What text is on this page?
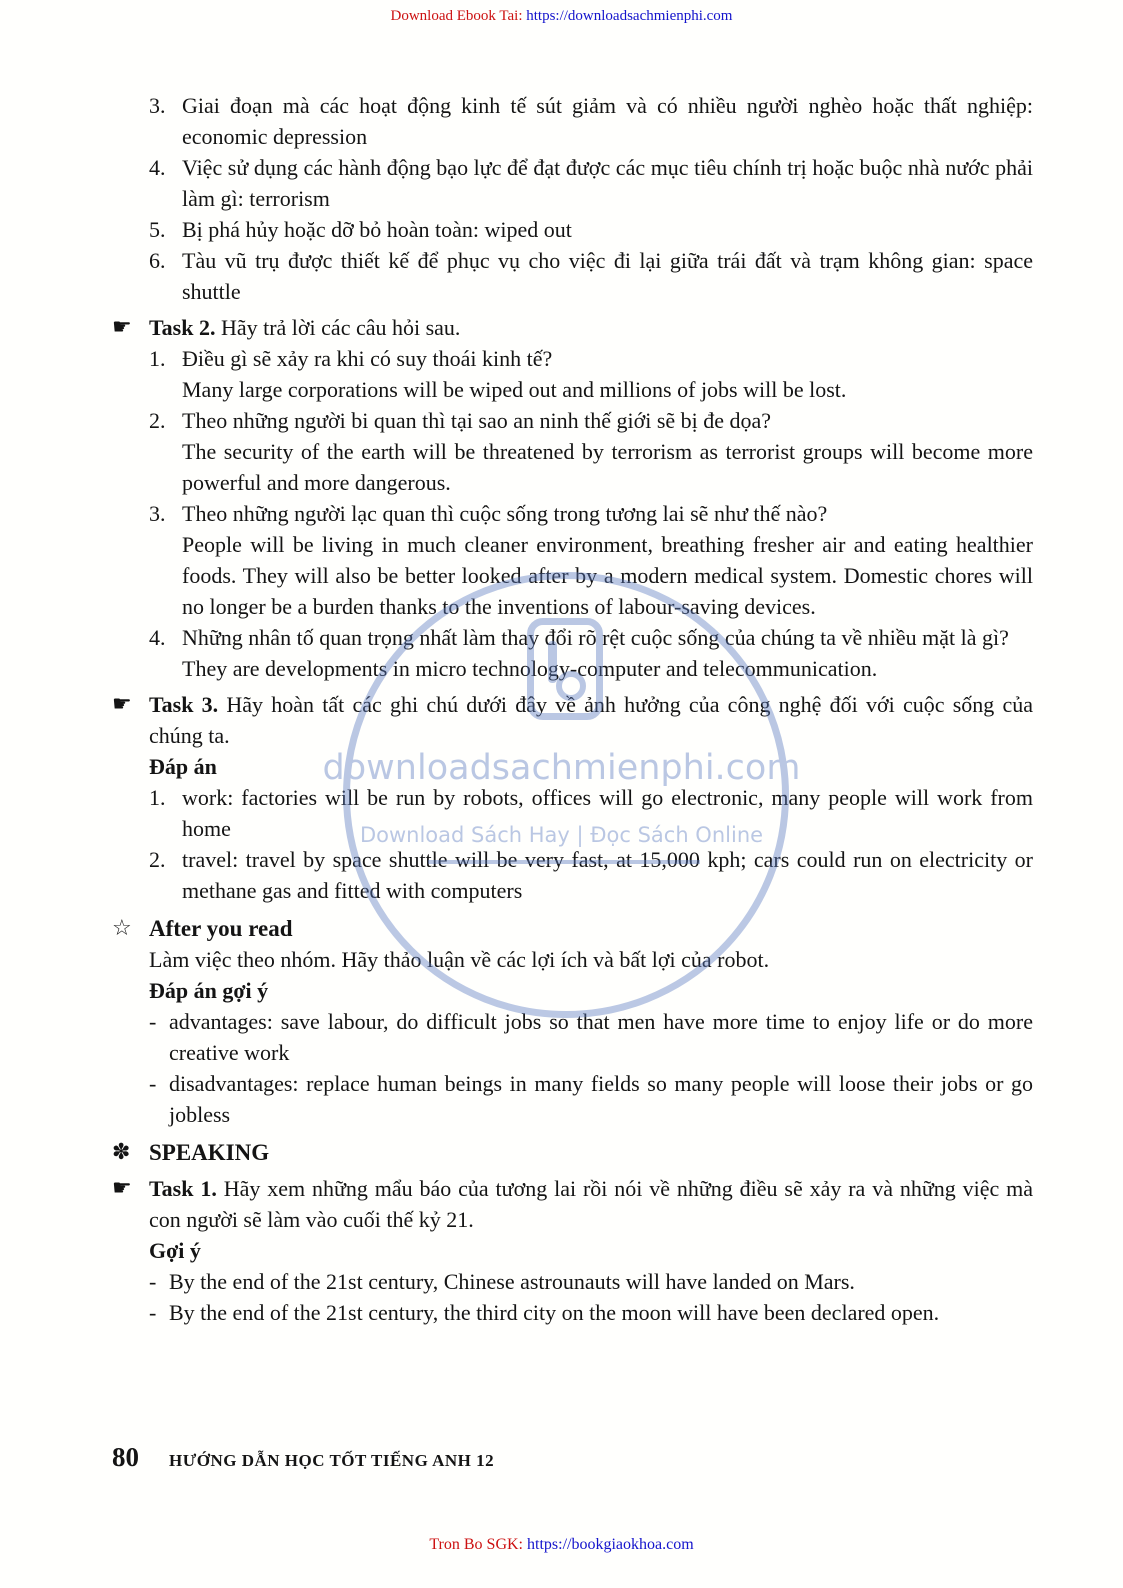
Download Ebook Tai: https://downloadsachmienphi.com
downloadsachmienphi.com
Download Sách Hay | Đọc Sách Online
3. Giai đoạn mà các hoạt động kinh tế sút giảm và có nhiều người nghèo hoặc thất nghiệp: economic depression
4. Việc sử dụng các hành động bạo lực để đạt được các mục tiêu chính trị hoặc buộc nhà nước phải làm gì: terrorism
5. Bị phá hủy hoặc dỡ bỏ hoàn toàn: wiped out
6. Tàu vũ trụ được thiết kế để phục vụ cho việc đi lại giữa trái đất và trạm không gian: space shuttle
☛ Task 2. Hãy trả lời các câu hỏi sau.
1. Điều gì sẽ xảy ra khi có suy thoái kinh tế?
Many large corporations will be wiped out and millions of jobs will be lost.
2. Theo những người bi quan thì tại sao an ninh thế giới sẽ bị đe dọa?
The security of the earth will be threatened by terrorism as terrorist groups will become more powerful and more dangerous.
3. Theo những người lạc quan thì cuộc sống trong tương lai sẽ như thế nào?
People will be living in much cleaner environment, breathing fresher air and eating healthier foods. They will also be better looked after by a modern medical system. Domestic chores will no longer be a burden thanks to the inventions of labour-saving devices.
4. Những nhân tố quan trọng nhất làm thay đổi rõ rệt cuộc sống của chúng ta về nhiều mặt là gì?
They are developments in micro technology-computer and telecommunication.
☛ Task 3. Hãy hoàn tất các ghi chú dưới đây về ảnh hưởng của công nghệ đối với cuộc sống của chúng ta.
Đáp án
1. work: factories will be run by robots, offices will go electronic, many people will work from home
2. travel: travel by space shuttle will be very fast, at 15,000 kph; cars could run on electricity or methane gas and fitted with computers
☆ After you read
Làm việc theo nhóm. Hãy thảo luận về các lợi ích và bất lợi của robot.
Đáp án gợi ý
- advantages: save labour, do difficult jobs so that men have more time to enjoy life or do more creative work
- disadvantages: replace human beings in many fields so many people will loose their jobs or go jobless
✽ SPEAKING
☛ Task 1. Hãy xem những mẩu báo của tương lai rồi nói về những điều sẽ xảy ra và những việc mà con người sẽ làm vào cuối thế kỷ 21.
Gợi ý
- By the end of the 21st century, Chinese astrounauts will have landed on Mars.
- By the end of the 21st century, the third city on the moon will have been declared open.
80 HƯỚNG DẪN HỌC TỐT TIẾNG ANH 12
Tron Bo SGK: https://bookgiaokhoa.com
